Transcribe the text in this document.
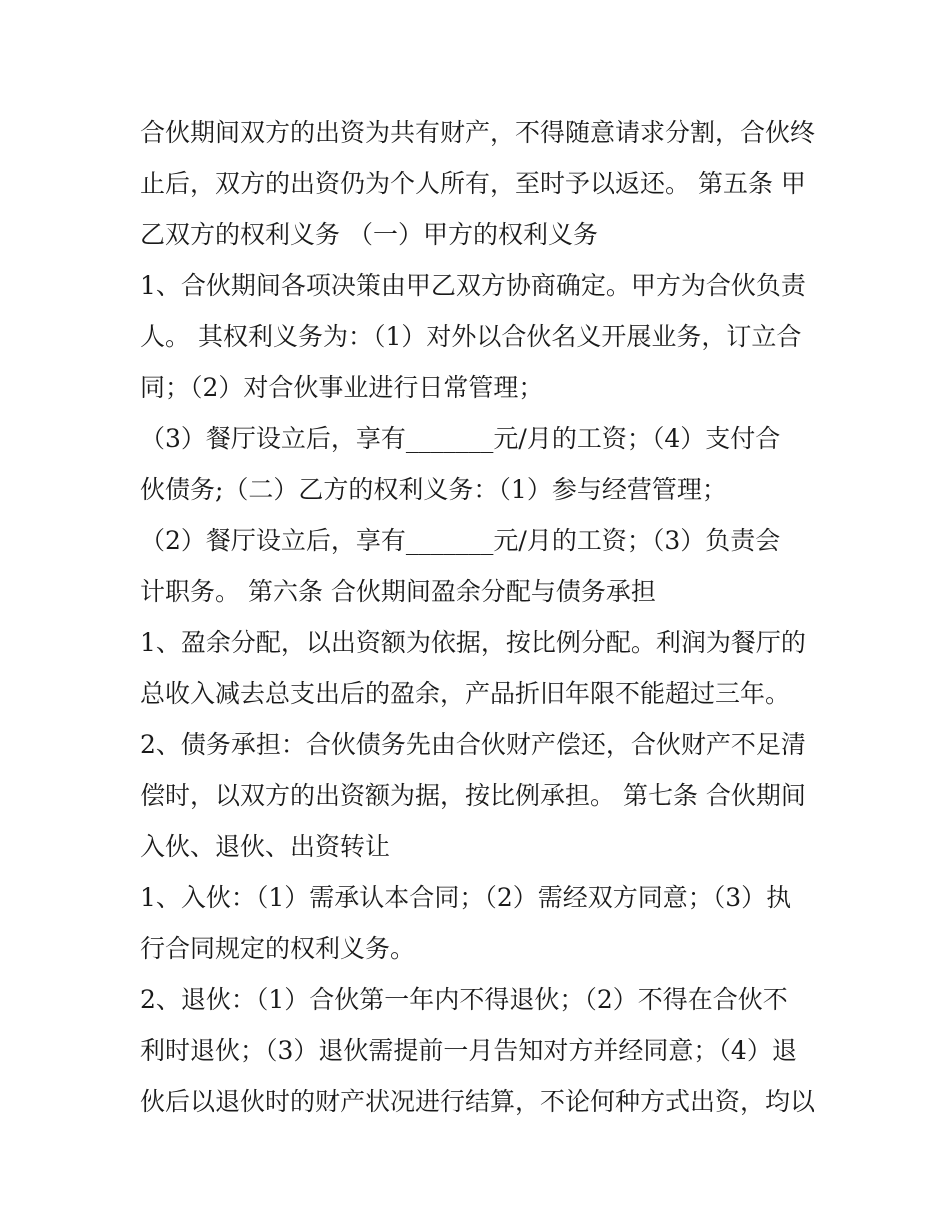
合伙期间双方的出资为共有财产，不得随意请求分割，合伙终
止后，双方的出资仍为个人所有，至时予以返还。 第五条 甲
乙双方的权利义务 （一）甲方的权利义务
1、合伙期间各项决策由甲乙双方协商确定。甲方为合伙负责
人。 其权利义务为：（1）对外以合伙名义开展业务，订立合
同；（2）对合伙事业进行日常管理；
（3）餐厅设立后，享有_______元/月的工资；（4）支付合
伙债务;（二）乙方的权利义务：（1）参与经营管理；
（2）餐厅设立后，享有_______元/月的工资；（3）负责会
计职务。 第六条 合伙期间盈余分配与债务承担
1、盈余分配，以出资额为依据，按比例分配。利润为餐厅的
总收入减去总支出后的盈余，产品折旧年限不能超过三年。
2、债务承担：合伙债务先由合伙财产偿还，合伙财产不足清
偿时，以双方的出资额为据，按比例承担。 第七条 合伙期间
入伙、退伙、出资转让
1、入伙：（1）需承认本合同；（2）需经双方同意；（3）执
行合同规定的权利义务。
2、退伙：（1）合伙第一年内不得退伙；（2）不得在合伙不
利时退伙；（3）退伙需提前一月告知对方并经同意；（4）退
伙后以退伙时的财产状况进行结算，不论何种方式出资，均以
